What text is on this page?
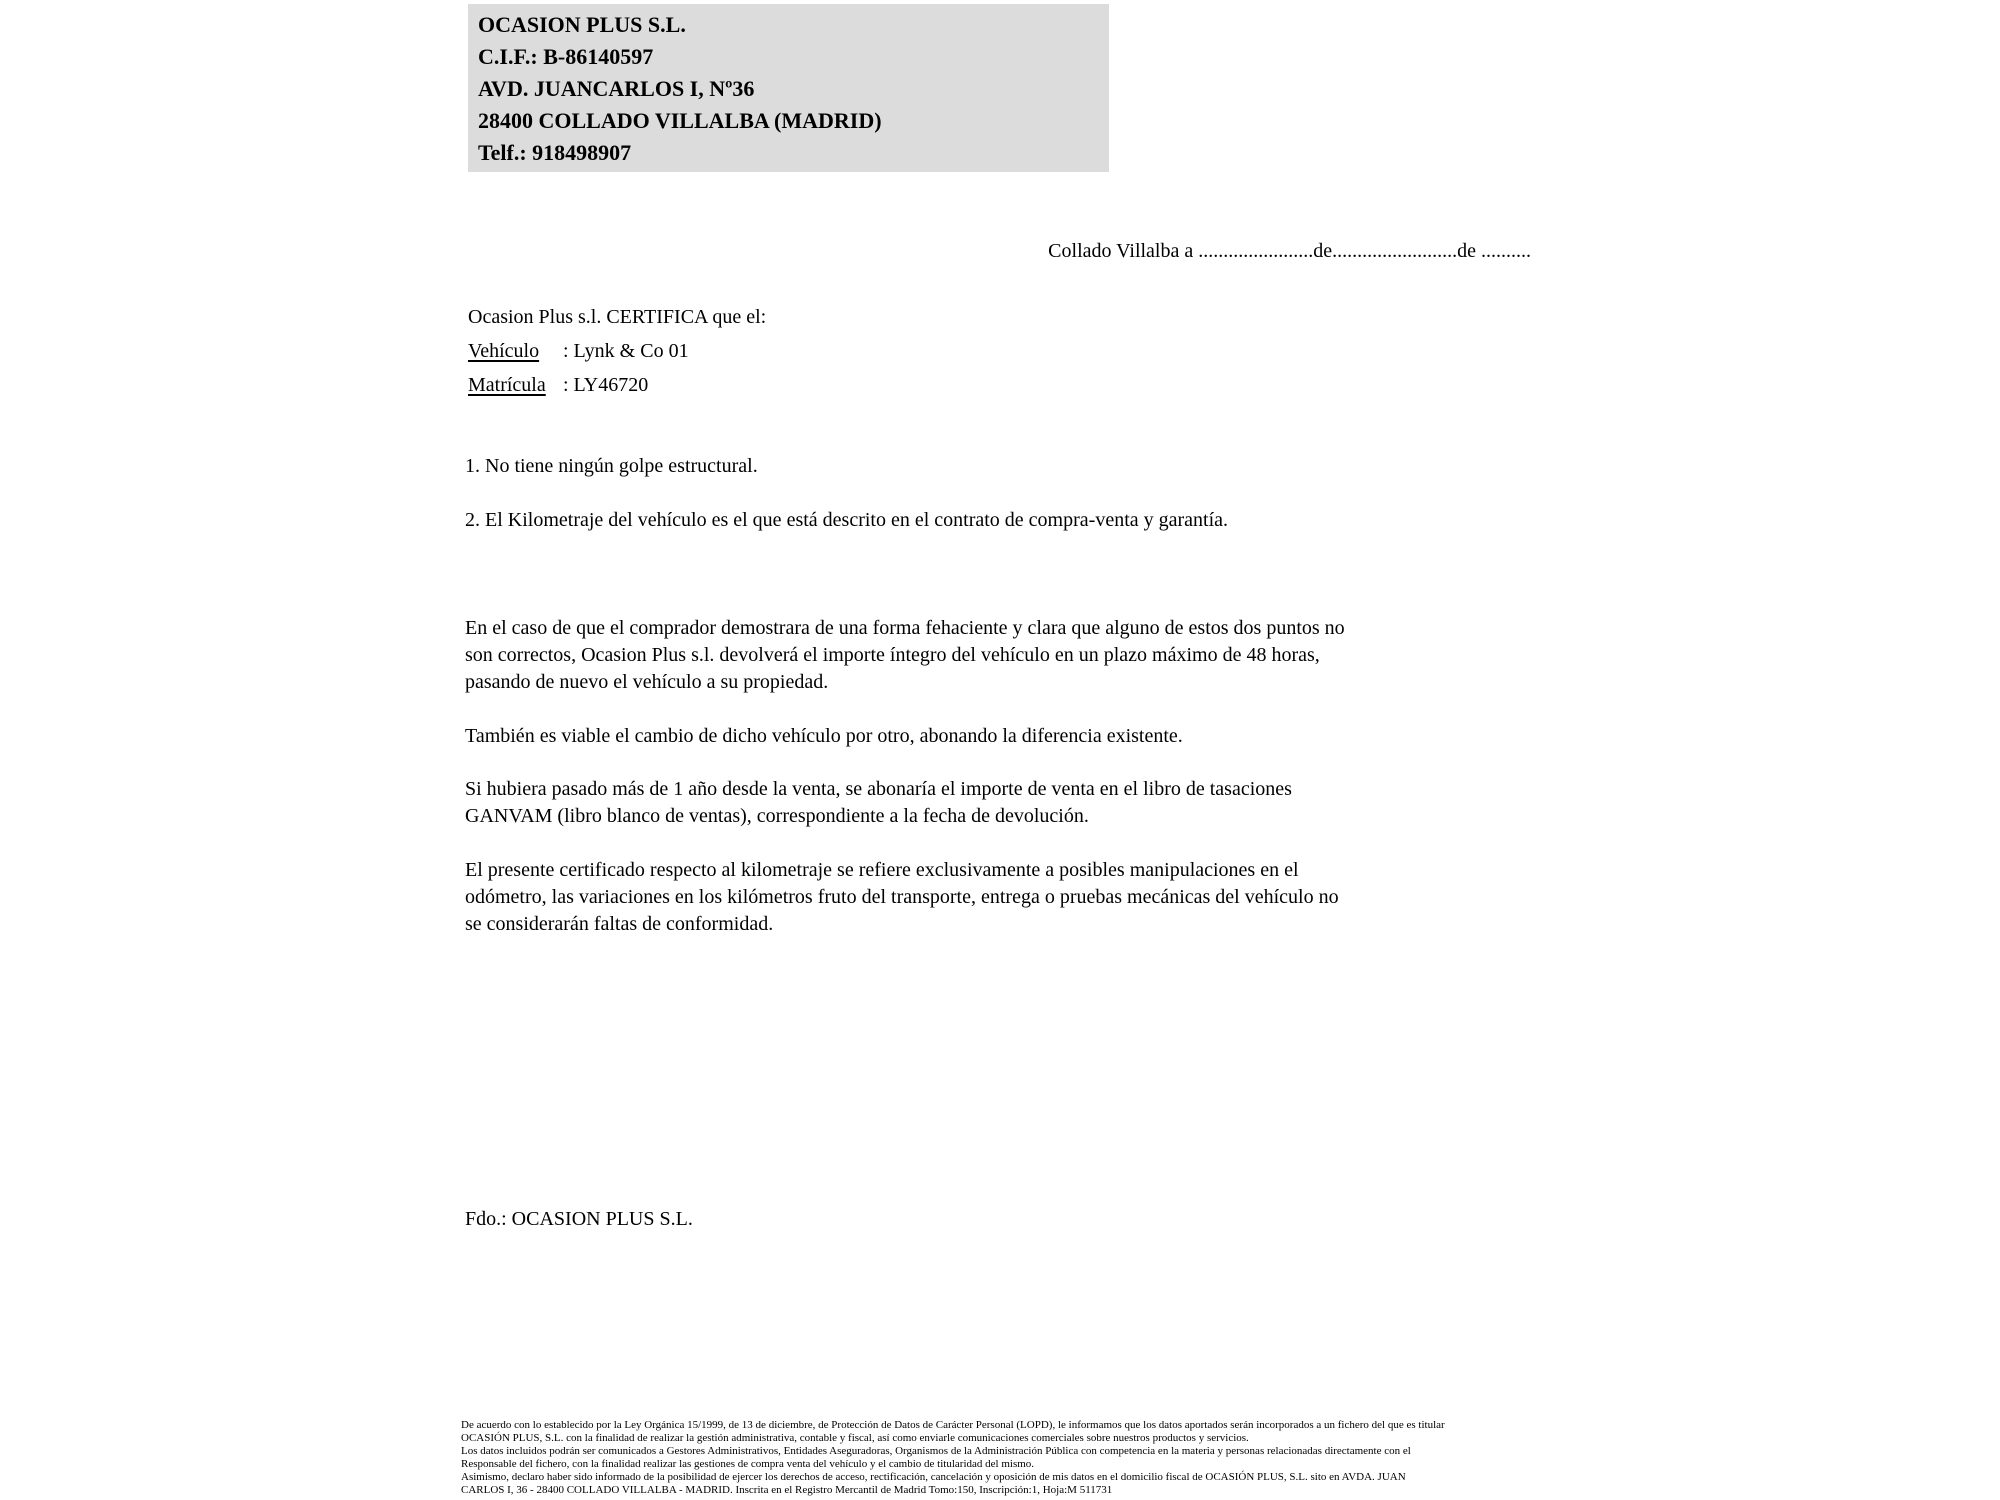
OCASION PLUS S.L.
C.I.F.: B-86140597
AVD. JUANCARLOS I, Nº36
28400 COLLADO VILLALBA (MADRID)
Telf.: 918498907
Collado Villalba a .......................de.........................de ..........
Ocasion Plus s.l. CERTIFICA que el:
Vehículo : Lynk & Co 01
Matrícula : LY46720
1. No tiene ningún golpe estructural.
2. El Kilometraje del vehículo es el que está descrito en el contrato de compra-venta y garantía.
En el caso de que el comprador demostrara de una forma fehaciente y clara que alguno de estos dos puntos no
son correctos, Ocasion Plus s.l. devolverá el importe íntegro del vehículo en un plazo máximo de 48 horas,
pasando de nuevo el vehículo a su propiedad.
También es viable el cambio de dicho vehículo por otro, abonando la diferencia existente.
Si hubiera pasado más de 1 año desde la venta, se abonaría el importe de venta en el libro de tasaciones
GANVAM (libro blanco de ventas), correspondiente a la fecha de devolución.
El presente certificado respecto al kilometraje se refiere exclusivamente a posibles manipulaciones en el
odómetro, las variaciones en los kilómetros fruto del transporte, entrega o pruebas mecánicas del vehículo no
se considerarán faltas de conformidad.
Fdo.: OCASION PLUS S.L.
De acuerdo con lo establecido por la Ley Orgánica 15/1999, de 13 de diciembre, de Protección de Datos de Carácter Personal (LOPD), le informamos que los datos aportados serán incorporados a un fichero del que es titular
OCASIÓN PLUS, S.L. con la finalidad de realizar la gestión administrativa, contable y fiscal, así como enviarle comunicaciones comerciales sobre nuestros productos y servicios.
Los datos incluidos podrán ser comunicados a Gestores Administrativos, Entidades Aseguradoras, Organismos de la Administración Pública con competencia en la materia y personas relacionadas directamente con el
Responsable del fichero, con la finalidad realizar las gestiones de compra venta del vehículo y el cambio de titularidad del mismo.
Asimismo, declaro haber sido informado de la posibilidad de ejercer los derechos de acceso, rectificación, cancelación y oposición de mis datos en el domicilio fiscal de OCASIÓN PLUS, S.L. sito en AVDA. JUAN
CARLOS I, 36 - 28400 COLLADO VILLALBA - MADRID. Inscrita en el Registro Mercantil de Madrid Tomo:150, Inscripción:1, Hoja:M 511731
